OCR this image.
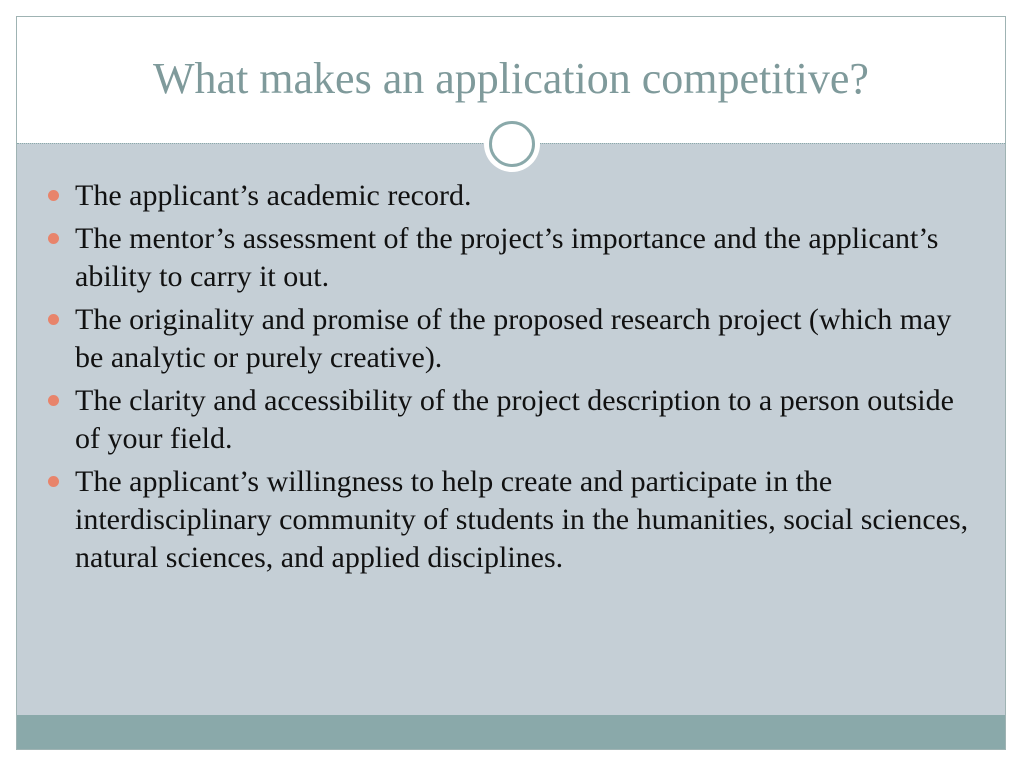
What makes an application competitive?
The applicant’s academic record.
The mentor’s assessment of the project’s importance and the applicant’s ability to carry it out.
The originality and promise of the proposed research project (which may be analytic or purely creative).
The clarity and accessibility of the project description to a person outside of your field.
The applicant’s willingness to help create and participate in the interdisciplinary community of students in the humanities, social sciences, natural sciences, and applied disciplines.
